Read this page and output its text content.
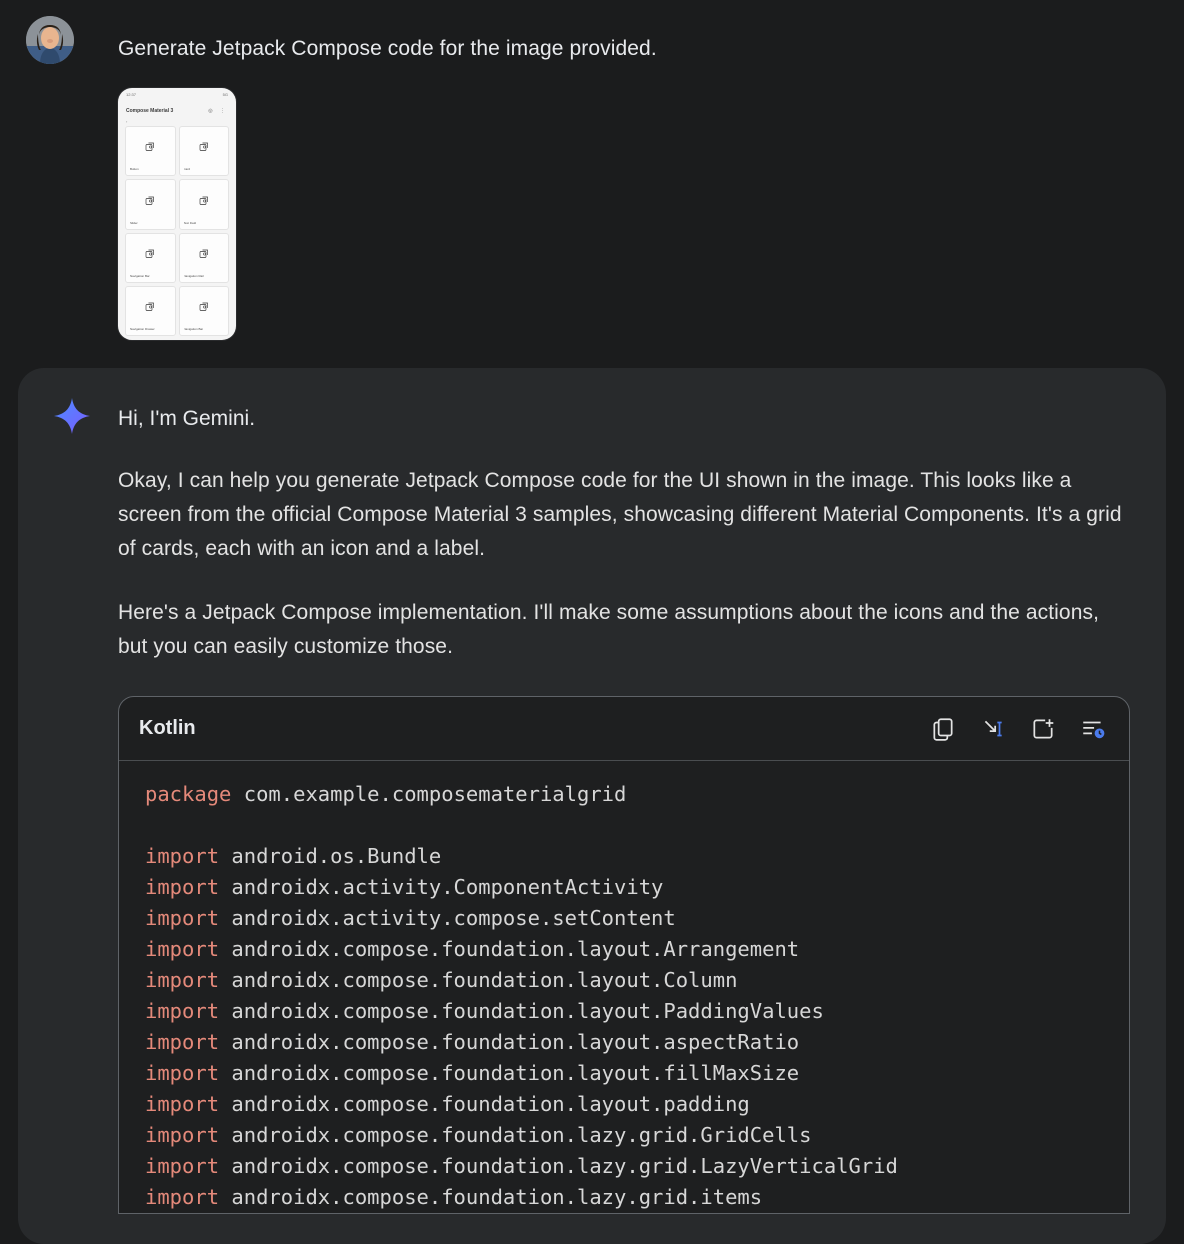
Generate Jetpack Compose code for the image provided.
12:37	5G
Compose Material 3	◎ ⋮
‹
Button	Card
Slider	Text Field
Navigation Bar	Navigation Rail
Navigation Drawer	Navigation Bar
Hi, I'm Gemini.
Okay, I can help you generate Jetpack Compose code for the UI shown in the image. This looks like a screen from the official Compose Material 3 samples, showcasing different Material Components. It's a grid of cards, each with an icon and a label.
Here's a Jetpack Compose implementation. I'll make some assumptions about the icons and the actions, but you can easily customize those.
Kotlin
package com.example.composematerialgrid

import android.os.Bundle
import androidx.activity.ComponentActivity
import androidx.activity.compose.setContent
import androidx.compose.foundation.layout.Arrangement
import androidx.compose.foundation.layout.Column
import androidx.compose.foundation.layout.PaddingValues
import androidx.compose.foundation.layout.aspectRatio
import androidx.compose.foundation.layout.fillMaxSize
import androidx.compose.foundation.layout.padding
import androidx.compose.foundation.lazy.grid.GridCells
import androidx.compose.foundation.lazy.grid.LazyVerticalGrid
import androidx.compose.foundation.lazy.grid.items
